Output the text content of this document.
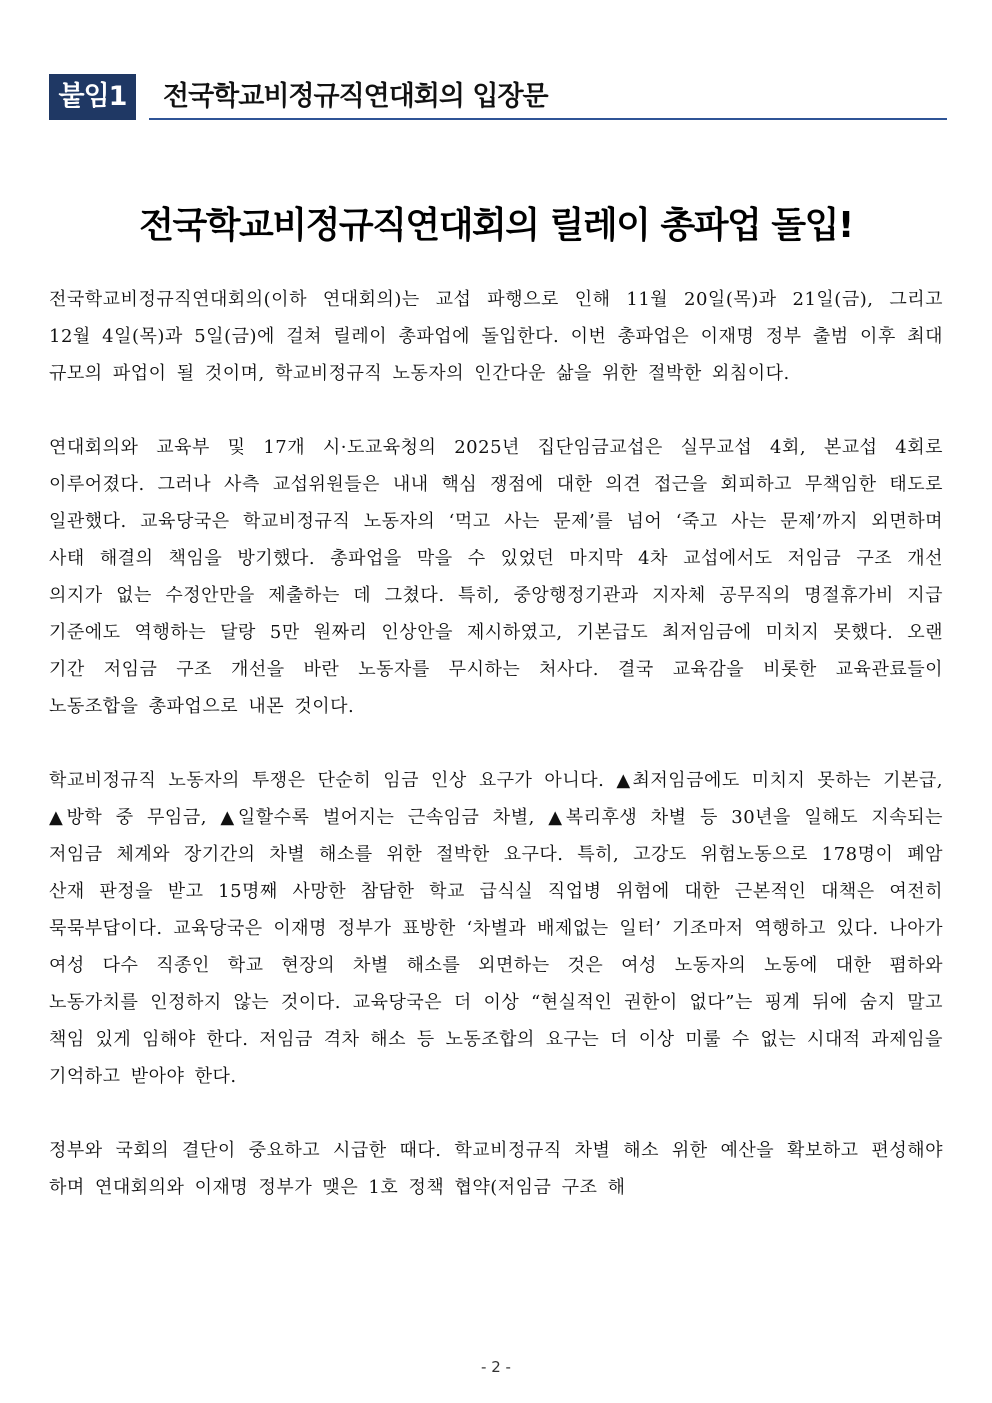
붙임1	전국학교비정규직연대회의 입장문
전국학교비정규직연대회의 릴레이 총파업 돌입!

전국학교비정규직연대회의(이하 연대회의)는 교섭 파행으로 인해 11월 20일(목)과 21일(금), 그리고 12월 4일(목)과 5일(금)에 걸쳐 릴레이 총파업에 돌입한다. 이번 총파업은 이재명 정부 출범 이후 최대 규모의 파업이 될 것이며, 학교비정규직 노동자의 인간다운 삶을 위한 절박한 외침이다.

연대회의와 교육부 및 17개 시·도교육청의 2025년 집단임금교섭은 실무교섭 4회, 본교섭 4회로 이루어졌다. 그러나 사측 교섭위원들은 내내 핵심 쟁점에 대한 의견 접근을 회피하고 무책임한 태도로 일관했다. 교육당국은 학교비정규직 노동자의 ‘먹고 사는 문제’를 넘어 ‘죽고 사는 문제’까지 외면하며 사태 해결의 책임을 방기했다. 총파업을 막을 수 있었던 마지막 4차 교섭에서도 저임금 구조 개선 의지가 없는 수정안만을 제출하는 데 그쳤다. 특히, 중앙행정기관과 지자체 공무직의 명절휴가비 지급 기준에도 역행하는 달랑 5만 원짜리 인상안을 제시하였고, 기본급도 최저임금에 미치지 못했다. 오랜 기간 저임금 구조 개선을 바란 노동자를 무시하는 처사다. 결국 교육감을 비롯한 교육관료들이 노동조합을 총파업으로 내몬 것이다.

학교비정규직 노동자의 투쟁은 단순히 임금 인상 요구가 아니다. ▲최저임금에도 미치지 못하는 기본급, ▲방학 중 무임금, ▲일할수록 벌어지는 근속임금 차별, ▲복리후생 차별 등 30년을 일해도 지속되는 저임금 체계와 장기간의 차별 해소를 위한 절박한 요구다. 특히, 고강도 위험노동으로 178명이 폐암 산재 판정을 받고 15명째 사망한 참담한 학교 급식실 직업병 위험에 대한 근본적인 대책은 여전히 묵묵부답이다. 교육당국은 이재명 정부가 표방한 ‘차별과 배제없는 일터’ 기조마저 역행하고 있다. 나아가 여성 다수 직종인 학교 현장의 차별 해소를 외면하는 것은 여성 노동자의 노동에 대한 폄하와 노동가치를 인정하지 않는 것이다. 교육당국은 더 이상 “현실적인 권한이 없다”는 핑계 뒤에 숨지 말고 책임 있게 임해야 한다. 저임금 격차 해소 등 노동조합의 요구는 더 이상 미룰 수 없는 시대적 과제임을 기억하고 받아야 한다.

정부와 국회의 결단이 중요하고 시급한 때다. 학교비정규직 차별 해소 위한 예산을 확보하고 편성해야 하며 연대회의와 이재명 정부가 맺은 1호 정책 협약(저임금 구조 해

- 2 -
